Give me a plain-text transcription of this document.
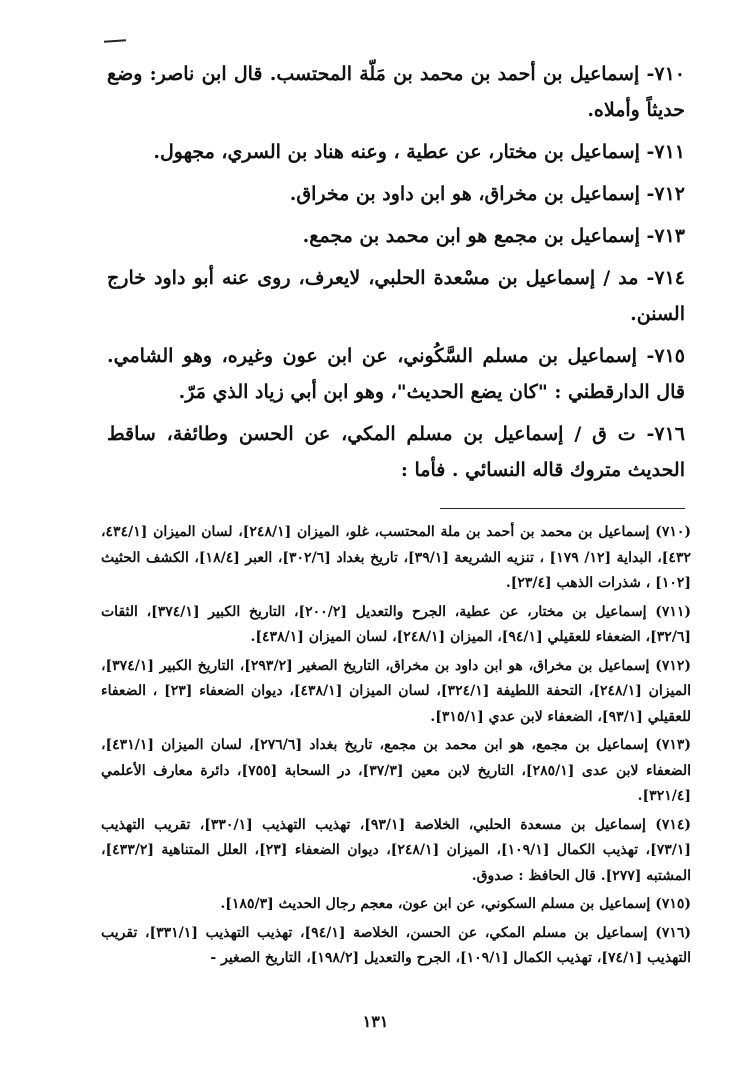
٧١٠- إسماعيل بن أحمد بن محمد بن مَلّة المحتسب. قال ابن ناصر: وضع حديثاً وأملاه.

٧١١- إسماعيل بن مختار، عن عطية ، وعنه هناد بن السري، مجهول.

٧١٢- إسماعيل بن مخراق، هو ابن داود بن مخراق.

٧١٣- إسماعيل بن مجمع هو ابن محمد بن مجمع.

٧١٤- مد / إسماعيل بن مسْعدة الحلبي، لايعرف، روى عنه أبو داود خارج السنن.

٧١٥- إسماعيل بن مسلم السَّكُوني، عن ابن عون وغيره، وهو الشامي. قال الدارقطني : "كان يضع الحديث"، وهو ابن أبي زياد الذي مَرّ.

٧١٦- ت ق / إسماعيل بن مسلم المكي، عن الحسن وطائفة، ساقط الحديث متروك قاله النسائي . فأما :

(٧١٠) إسماعيل بن محمد بن أحمد بن ملة المحتسب، غلو، الميزان [٢٤٨/١]، لسان الميزان [٤٣٤/١، ٤٣٢]، البداية [١٢/ ١٧٩] ، تنزيه الشريعة [٣٩/١]، تاريخ بغداد [٣٠٢/٦]، العبر [١٨/٤]، الكشف الحثيث [١٠٢] ، شذرات الذهب [٢٣/٤].

(٧١١) إسماعيل بن مختار، عن عطية، الجرح والتعديل [٢٠٠/٢]، التاريخ الكبير [٣٧٤/١]، الثقات [٣٢/٦]، الضعفاء للعقيلي [٩٤/١]، الميزان [٢٤٨/١]، لسان الميزان [٤٣٨/١].

(٧١٢) إسماعيل بن مخراق، هو ابن داود بن مخراق، التاريخ الصغير [٢٩٣/٢]، التاريخ الكبير [٣٧٤/١]، الميزان [٢٤٨/١]، التحفة اللطيفة [٣٢٤/١]، لسان الميزان [٤٣٨/١]، ديوان الضعفاء [٢٣] ، الضعفاء للعقيلي [٩٣/١]، الضعفاء لابن عدي [٣١٥/١].

(٧١٣) إسماعيل بن مجمع، هو ابن محمد بن مجمع، تاريخ بغداد [٢٧٦/٦]، لسان الميزان [٤٣١/١]، الضعفاء لابن عدى [٢٨٥/١]، التاريخ لابن معين [٣٧/٣]، در السحابة [٧٥٥]، دائرة معارف الأعلمي [٣٢١/٤].

(٧١٤) إسماعيل بن مسعدة الحلبي، الخلاصة [٩٣/١]، تهذيب التهذيب [٣٣٠/١]، تقريب التهذيب [٧٣/١]، تهذيب الكمال [١٠٩/١]، الميزان [٢٤٨/١]، ديوان الضعفاء [٢٣]، العلل المتناهية [٤٣٣/٢]، المشتبه [٢٧٧]. قال الحافظ : صدوق.

(٧١٥) إسماعيل بن مسلم السكوني، عن ابن عون، معجم رجال الحديث [١٨٥/٣].

(٧١٦) إسماعيل بن مسلم المكي، عن الحسن، الخلاصة [٩٤/١]، تهذيب التهذيب [٣٣١/١]، تقريب التهذيب [٧٤/١]، تهذيب الكمال [١٠٩/١]، الجرح والتعديل [١٩٨/٢]، التاريخ الصغير -

١٣١
